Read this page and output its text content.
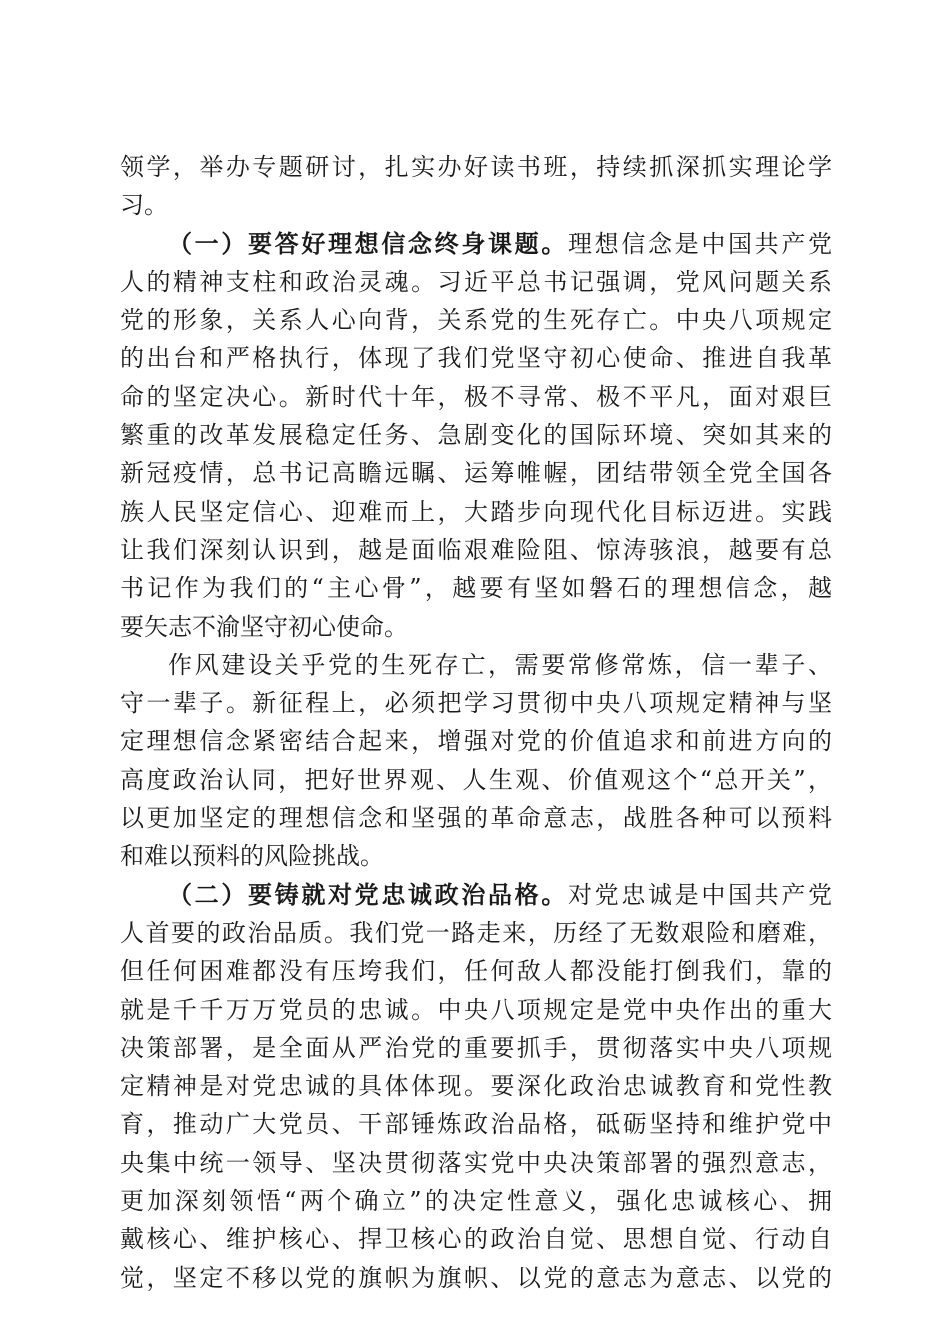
领学，举办专题研讨，扎实办好读书班，持续抓深抓实理论学
习。
（一）要答好理想信念终身课题。理想信念是中国共产党
人的精神支柱和政治灵魂。习近平总书记强调，党风问题关系
党的形象，关系人心向背，关系党的生死存亡。中央八项规定
的出台和严格执行，体现了我们党坚守初心使命、推进自我革
命的坚定决心。新时代十年，极不寻常、极不平凡，面对艰巨
繁重的改革发展稳定任务、急剧变化的国际环境、突如其来的
新冠疫情，总书记高瞻远瞩、运筹帷幄，团结带领全党全国各
族人民坚定信心、迎难而上，大踏步向现代化目标迈进。实践
让我们深刻认识到，越是面临艰难险阻、惊涛骇浪，越要有总
书记作为我们的“主心骨”，越要有坚如磐石的理想信念，越
要矢志不渝坚守初心使命。
作风建设关乎党的生死存亡，需要常修常炼，信一辈子、
守一辈子。新征程上，必须把学习贯彻中央八项规定精神与坚
定理想信念紧密结合起来，增强对党的价值追求和前进方向的
高度政治认同，把好世界观、人生观、价值观这个“总开关”，
以更加坚定的理想信念和坚强的革命意志，战胜各种可以预料
和难以预料的风险挑战。
（二）要铸就对党忠诚政治品格。对党忠诚是中国共产党
人首要的政治品质。我们党一路走来，历经了无数艰险和磨难，
但任何困难都没有压垮我们，任何敌人都没能打倒我们，靠的
就是千千万万党员的忠诚。中央八项规定是党中央作出的重大
决策部署，是全面从严治党的重要抓手，贯彻落实中央八项规
定精神是对党忠诚的具体体现。要深化政治忠诚教育和党性教
育，推动广大党员、干部锤炼政治品格，砥砺坚持和维护党中
央集中统一领导、坚决贯彻落实党中央决策部署的强烈意志，
更加深刻领悟“两个确立”的决定性意义，强化忠诚核心、拥
戴核心、维护核心、捍卫核心的政治自觉、思想自觉、行动自
觉，坚定不移以党的旗帜为旗帜、以党的意志为意志、以党的
